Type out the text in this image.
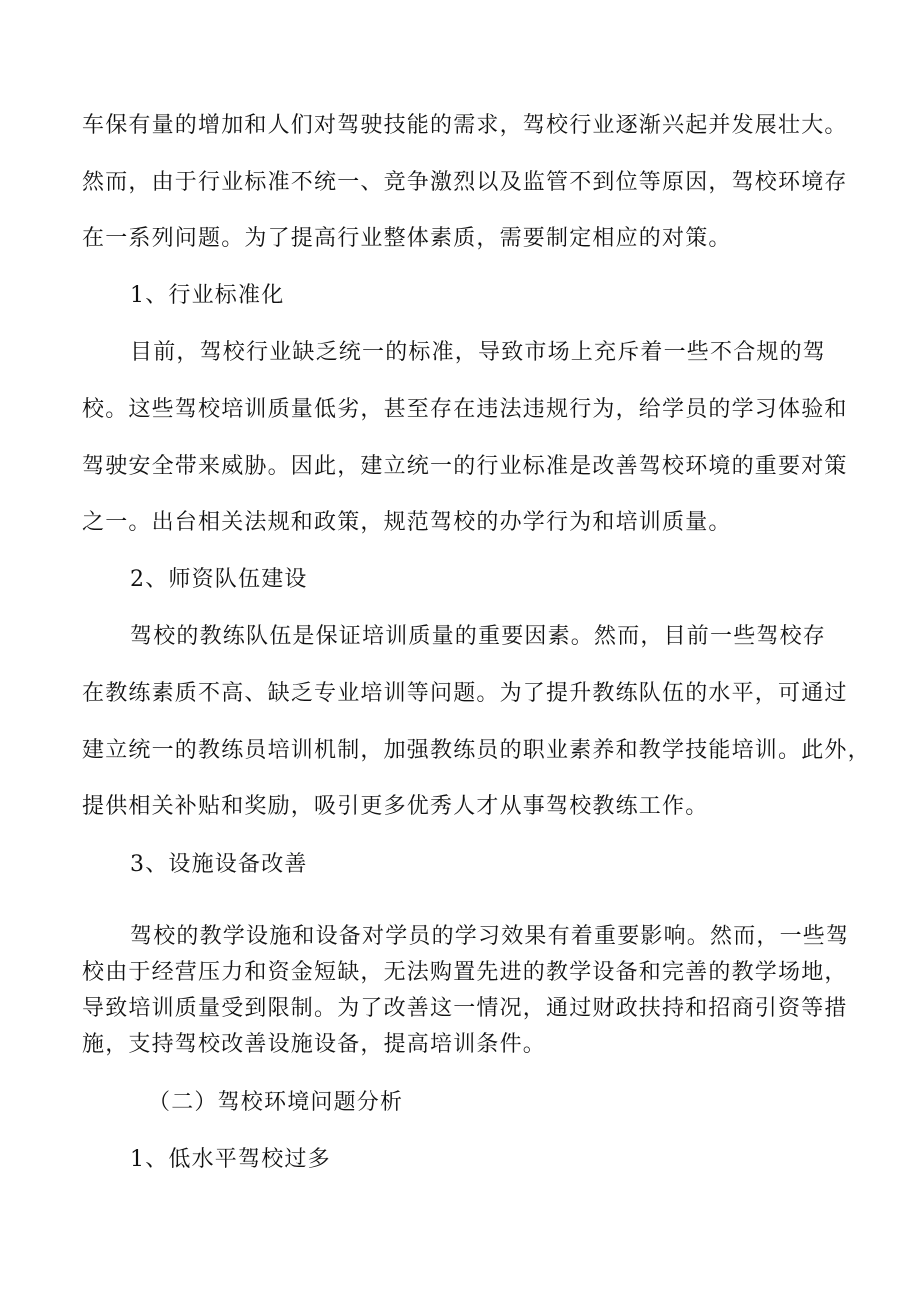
车保有量的增加和人们对驾驶技能的需求，驾校行业逐渐兴起并发展壮大。
然而，由于行业标准不统一、竞争激烈以及监管不到位等原因，驾校环境存
在一系列问题。为了提高行业整体素质，需要制定相应的对策。
1、行业标准化
目前，驾校行业缺乏统一的标准，导致市场上充斥着一些不合规的驾
校。这些驾校培训质量低劣，甚至存在违法违规行为，给学员的学习体验和
驾驶安全带来威胁。因此，建立统一的行业标准是改善驾校环境的重要对策
之一。出台相关法规和政策，规范驾校的办学行为和培训质量。
2、师资队伍建设
驾校的教练队伍是保证培训质量的重要因素。然而，目前一些驾校存
在教练素质不高、缺乏专业培训等问题。为了提升教练队伍的水平，可通过
建立统一的教练员培训机制，加强教练员的职业素养和教学技能培训。此外，
提供相关补贴和奖励，吸引更多优秀人才从事驾校教练工作。
3、设施设备改善
驾校的教学设施和设备对学员的学习效果有着重要影响。然而，一些驾
校由于经营压力和资金短缺，无法购置先进的教学设备和完善的教学场地，
导致培训质量受到限制。为了改善这一情况，通过财政扶持和招商引资等措
施，支持驾校改善设施设备，提高培训条件。
（二）驾校环境问题分析
1、低水平驾校过多
